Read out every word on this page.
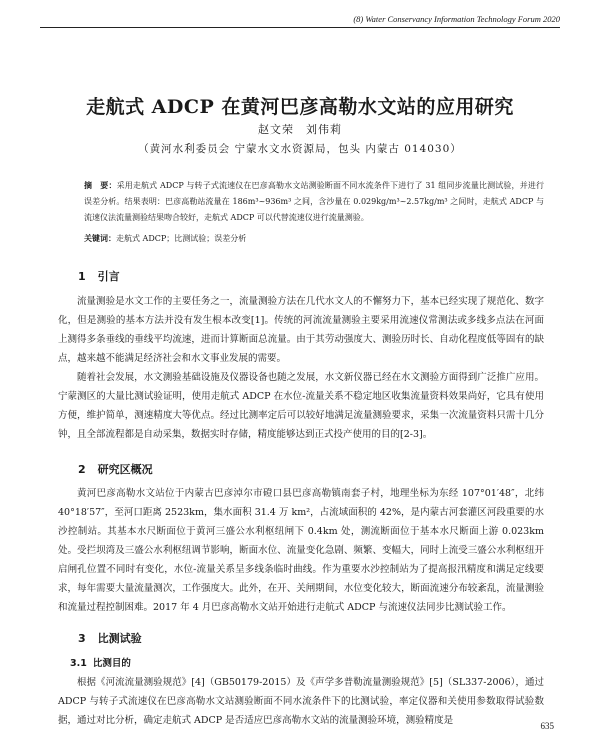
(8) Water Conservancy Information Technology Forum 2020
走航式 ADCP 在黄河巴彦高勒水文站的应用研究
赵文荣　刘伟莉
（黄河水利委员会 宁蒙水文水资源局，包头 内蒙古 014030）
摘　要：采用走航式 ADCP 与转子式流速仪在巴彦高勒水文站测验断面不同水流条件下进行了 31 组同步流量比测试验，并进行误差分析。结果表明：巴彦高勒站流量在 186m³~936m³ 之间，含沙量在 0.029kg/m³~2.57kg/m³ 之间时，走航式 ADCP 与流速仪法流量测验结果吻合较好，走航式 ADCP 可以代替流速仪进行流量测验。
关键词：走航式 ADCP；比测试验；误差分析
1 引言

流量测验是水文工作的主要任务之一，流量测验方法在几代水文人的不懈努力下，基本已经实现了规范化、数字化，但是测验的基本方法并没有发生根本改变[1]。传统的河流流量测验主要采用流速仪常测法或多线多点法在河面上测得多条垂线的垂线平均流速，进而计算断面总流量。由于其劳动强度大、测验历时长、自动化程度低等固有的缺点，越来越不能满足经济社会和水文事业发展的需要。

随着社会发展，水文测验基础设施及仪器设备也随之发展，水文新仪器已经在水文测验方面得到广泛推广应用。宁蒙测区的大量比测试验证明，使用走航式 ADCP 在水位-流量关系不稳定地区收集流量资料效果尚好，它具有使用方便，维护简单，测速精度大等优点。经过比测率定后可以较好地满足流量测验要求，采集一次流量资料只需十几分钟，且全部流程都是自动采集，数据实时存储，精度能够达到正式投产使用的目的[2-3]。

2 研究区概况

黄河巴彦高勒水文站位于内蒙古巴彦淖尔市磴口县巴彦高勒镇南套子村，地理坐标为东经 107°01′48″，北纬 40°18′57″，至河口距离 2523km，集水面积 31.4 万 km²，占流域面积的 42%，是内蒙古河套灌区河段重要的水沙控制站。其基本水尺断面位于黄河三盛公水利枢纽闸下 0.4km 处，测流断面位于基本水尺断面上游 0.023km 处。受拦坝湾及三盛公水利枢纽调节影响，断面水位、流量变化急剧、频繁、变幅大，同时上流受三盛公水利枢纽开启闸孔位置不同时有变化，水位-流量关系呈多线条临时曲线。作为重要水沙控制站为了提高报汛精度和满足定线要求，每年需要大量流量测次，工作强度大。此外，在开、关闸期间，水位变化较大，断面流速分布较紊乱，流量测验和流量过程控制困难。2017 年 4 月巴彦高勒水文站开始进行走航式 ADCP 与流速仪法同步比测试验工作。

3 比测试验
3.1 比测目的

根据《河流流量测验规范》[4]（GB50179-2015）及《声学多普勒流量测验规范》[5]（SL337-2006），通过 ADCP 与转子式流速仪在巴彦高勒水文站测验断面不同水流条件下的比测试验，率定仪器和关使用参数取得试验数据，通过对比分析，确定走航式 ADCP 是否适应巴彦高勒水文站的流量测验环境，测验精度是	635
